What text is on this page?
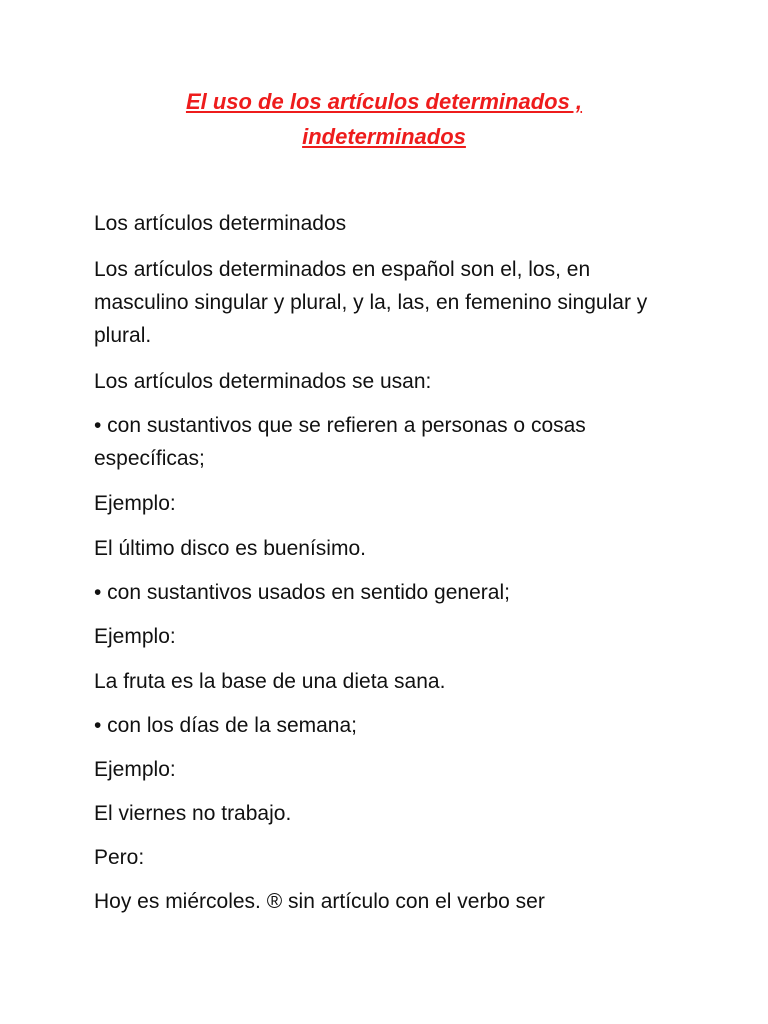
El uso de los artículos determinados ,
indeterminados

Los artículos determinados

Los artículos determinados en español son el, los, en masculino singular y plural, y la, las, en femenino singular y plural.

Los artículos determinados se usan:

• con sustantivos que se refieren a personas o cosas específicas;

Ejemplo:

El último disco es buenísimo.

• con sustantivos usados en sentido general;

Ejemplo:

La fruta es la base de una dieta sana.

• con los días de la semana;

Ejemplo:

El viernes no trabajo.

Pero:

Hoy es miércoles. ® sin artículo con el verbo ser
